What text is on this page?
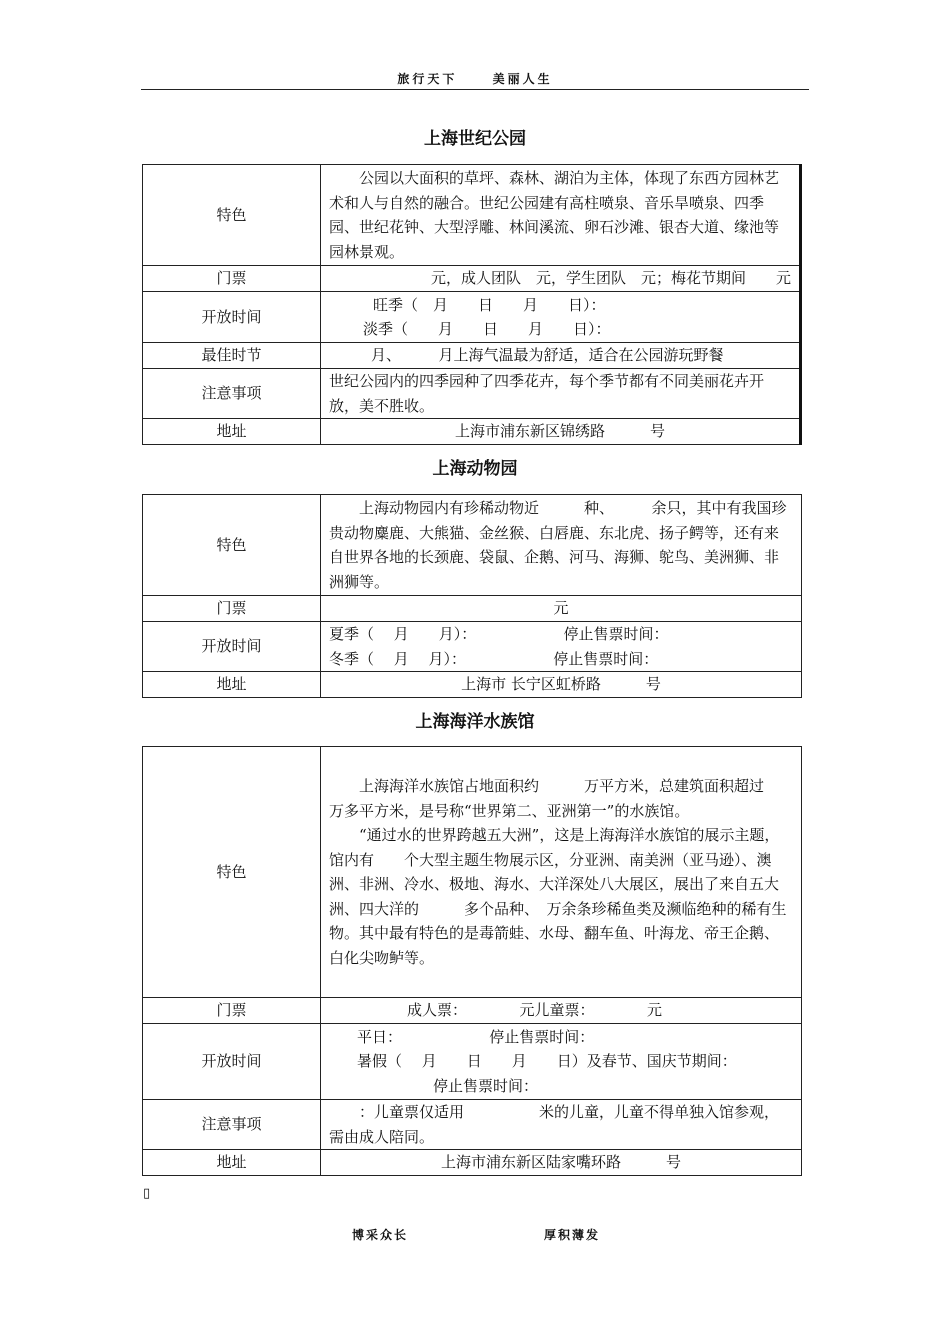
旅行天下	美丽人生
上海世纪公园
特色	公园以大面积的草坪、森林、湖泊为主体，体现了东西方园林艺术和人与自然的融合。世纪公园建有高柱喷泉、音乐旱喷泉、四季园、世纪花钟、大型浮雕、林间溪流、卵石沙滩、银杏大道、缘池等园林景观。

门票	元，成人团队　元，学生团队　元；梅花节期间　　元
开放时间	旺季（　月　　日　　月　　日）：

淡季（　　月　　日　　月　　日）：

最佳时节	月、　　　月上海气温最为舒适，适合在公园游玩野餐
注意事项	世纪公园内的四季园种了四季花卉，每个季节都有不同美丽花卉开放，美不胜收。
地址	上海市浦东新区锦绣路　　　号
上海动物园
特色	上海动物园内有珍稀动物近　　　种、　　　余只，其中有我国珍贵动物麋鹿、大熊猫、金丝猴、白唇鹿、东北虎、扬子鳄等，还有来自世界各地的长颈鹿、袋鼠、企鹅、河马、海狮、鸵鸟、美洲狮、非洲狮等。

门票	元
开放时间	夏季（　 月　　月）：　　　　　　 停止售票时间：

冬季（　 月　 月）：　　　　　　 停止售票时间：

地址	上海市 长宁区虹桥路　　　号
上海海洋水族馆
特色	上海海洋水族馆占地面积约　　　万平方米，总建筑面积超过　　万多平方米，是号称“世界第二、亚洲第一”的水族馆。

“通过水的世界跨越五大洲”，这是上海海洋水族馆的展示主题，馆内有　　个大型主题生物展示区，分亚洲、南美洲（亚马逊）、澳洲、非洲、冷水、极地、海水、大洋深处八大展区，展出了来自五大洲、四大洋的　　　多个品种、　万余条珍稀鱼类及濒临绝种的稀有生物。其中最有特色的是毒箭蛙、水母、翻车鱼、叶海龙、帝王企鹅、白化尖吻鲈等。

门票	成人票：　　　　元儿童票：　　　　元
开放时间	平日：　　　　　　 停止售票时间：

暑假（　 月　　日　　月　　日）及春节、国庆节期间：

停止售票时间：

注意事项	：儿童票仅适用　　　　　米的儿童，儿童不得单独入馆参观，需由成人陪同。

地址	上海市浦东新区陆家嘴环路　　　号
▯
博采众长	厚积薄发
